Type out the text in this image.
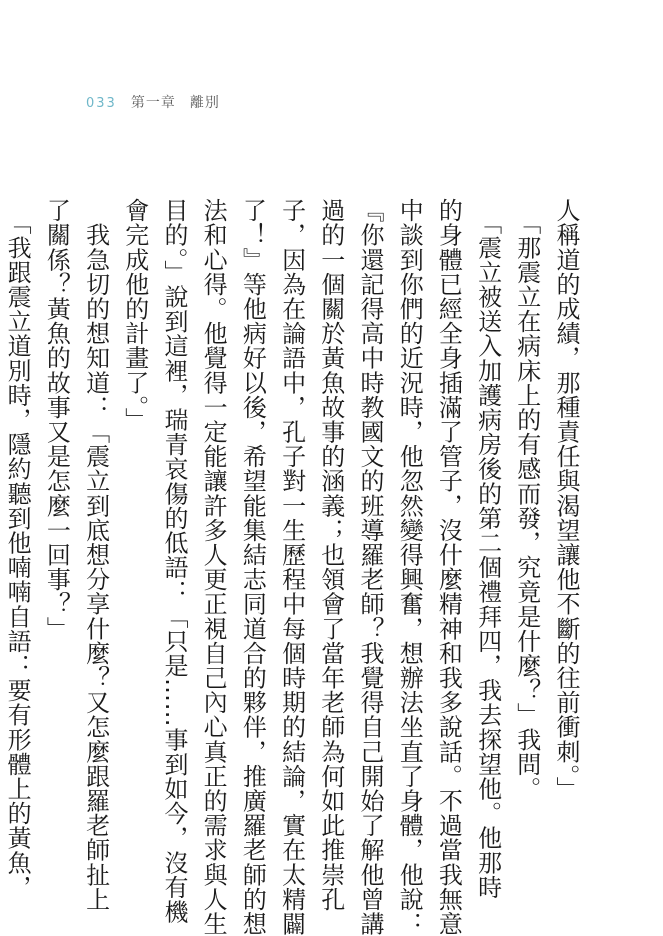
033 第一章 離別
人稱道的成績，那種責任與渴望讓他不斷的往前衝刺。」
　「那震立在病床上的有感而發，究竟是什麼？」我問。
　「震立被送入加護病房後的第二個禮拜四，我去探望他。他那時
的身體已經全身插滿了管子，沒什麼精神和我多說話。不過當我無意
中談到你們的近況時，他忽然變得興奮，想辦法坐直了身體，他說：
『你還記得高中時教國文的班導羅老師？我覺得自己開始了解他曾講
過的一個關於黃魚故事的涵義；也領會了當年老師為何如此推崇孔
子，因為在論語中，孔子對一生歷程中每個時期的結論，實在太精闢
了！』等他病好以後，希望能集結志同道合的夥伴，推廣羅老師的想
法和心得。他覺得一定能讓許多人更正視自己內心真正的需求與人生
目的。」說到這裡，瑞青哀傷的低語：「只是……事到如今，沒有機
會完成他的計畫了。」
　我急切的想知道：「震立到底想分享什麼？又怎麼跟羅老師扯上
了關係？黃魚的故事又是怎麼一回事？」
　「我跟震立道別時，隱約聽到他喃喃自語：要有形體上的黃魚，
